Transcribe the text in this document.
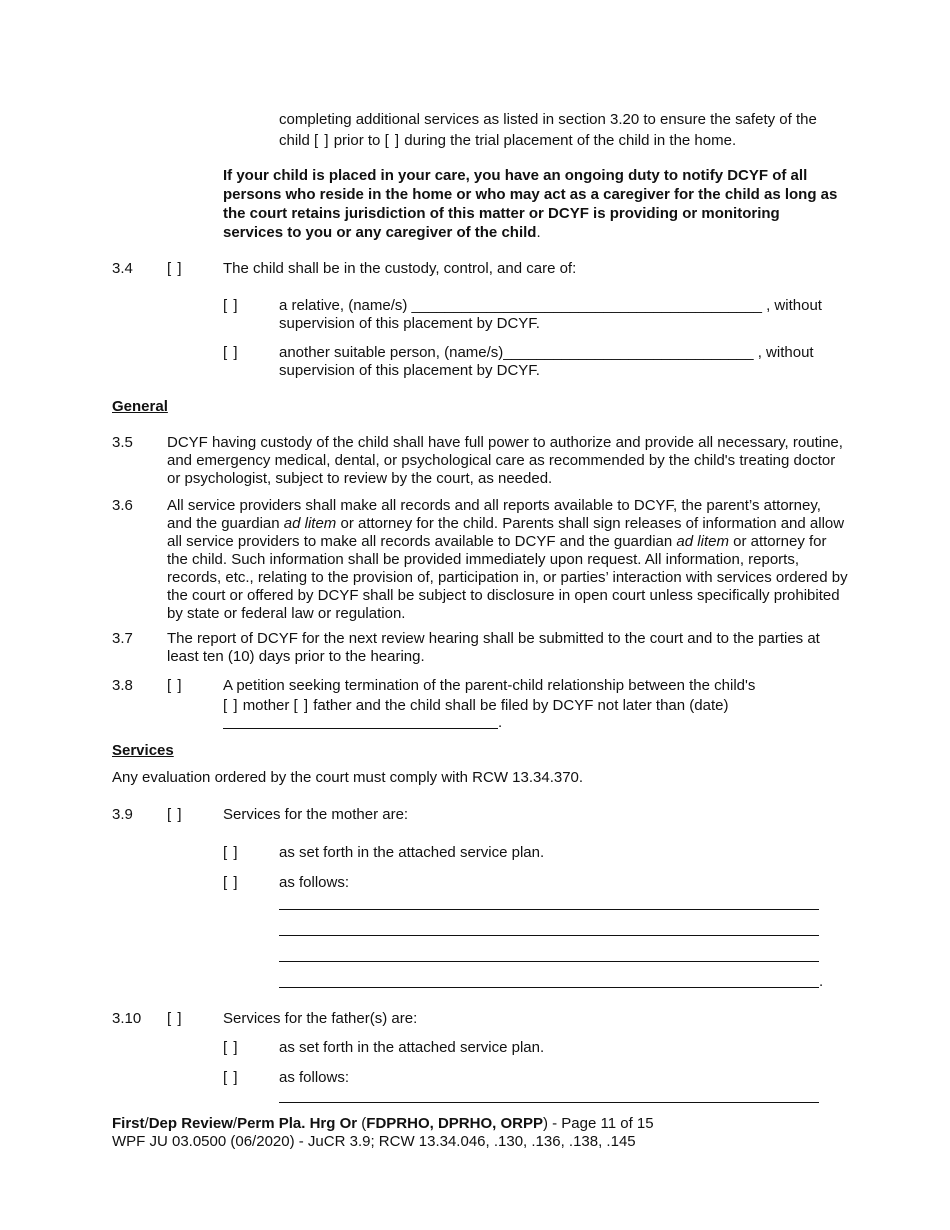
completing additional services as listed in section 3.20 to ensure the safety of the
child [ ] prior to [ ] during the trial placement of the child in the home.
If your child is placed in your care, you have an ongoing duty to notify DCYF of all persons who reside in the home or who may act as a caregiver for the child as long as the court retains jurisdiction of this matter or DCYF is providing or monitoring services to you or any caregiver of the child.
3.4 [ ]	The child shall be in the custody, control, and care of:
[ ]	a relative, (name/s) __________________________________________ , without
supervision of this placement by DCYF.
[ ]	another suitable person, (name/s)______________________________ , without
supervision of this placement by DCYF.
General
3.5 DCYF having custody of the child shall have full power to authorize and provide all necessary, routine, and emergency medical, dental, or psychological care as recommended by the child's treating doctor or psychologist, subject to review by the court, as needed.
3.6 All service providers shall make all records and all reports available to DCYF, the parent’s attorney, and the guardian ad litem or attorney for the child. Parents shall sign releases of information and allow all service providers to make all records available to DCYF and the guardian ad litem or attorney for the child. Such information shall be provided immediately upon request. All information, reports, records, etc., relating to the provision of, participation in, or parties’ interaction with services ordered by the court or offered by DCYF shall be subject to disclosure in open court unless specifically prohibited by state or federal law or regulation.
3.7 The report of DCYF for the next review hearing shall be submitted to the court and to the parties at least ten (10) days prior to the hearing.
3.8 [ ]	A petition seeking termination of the parent-child relationship between the child's
[ ] mother [ ] father and the child shall be filed by DCYF not later than (date)
.
Services
Any evaluation ordered by the court must comply with RCW 13.34.370.
3.9 [ ]	Services for the mother are:
[ ]	as set forth in the attached service plan.
[ ]	as follows:
.
3.10 [ ]	Services for the father(s) are:
[ ]	as set forth in the attached service plan.
[ ]	as follows:
First/Dep Review/Perm Pla. Hrg Or (FDPRHO, DPRHO, ORPP) - Page 11 of 15
WPF JU 03.0500 (06/2020) - JuCR 3.9; RCW 13.34.046, .130, .136, .138, .145
